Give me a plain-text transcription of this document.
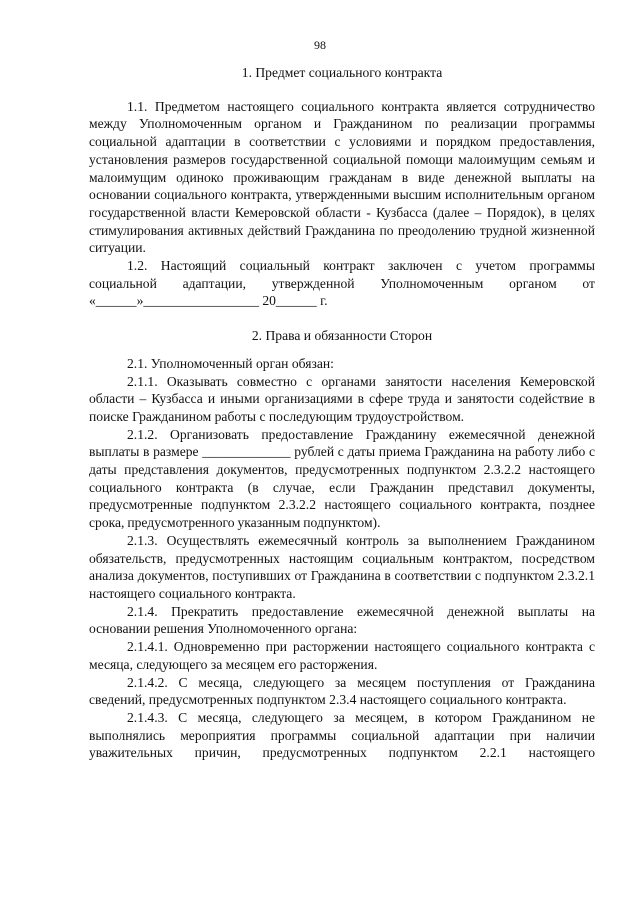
98

1. Предмет социального контракта

1.1. Предметом настоящего социального контракта является сотрудничество между Уполномоченным органом и Гражданином по реализации программы социальной адаптации в соответствии с условиями и порядком предоставления, установления размеров государственной социальной помощи малоимущим семьям и малоимущим одиноко проживающим гражданам в виде денежной выплаты на основании социального контракта, утвержденными высшим исполнительным органом государственной власти Кемеровской области - Кузбасса (далее – Порядок), в целях стимулирования активных действий Гражданина по преодолению трудной жизненной ситуации.

1.2. Настоящий социальный контракт заключен с учетом программы социальной адаптации, утвержденной Уполномоченным органом от «______»_________________ 20______ г.

2. Права и обязанности Сторон

2.1. Уполномоченный орган обязан:

2.1.1. Оказывать совместно с органами занятости населения Кемеровской области – Кузбасса и иными организациями в сфере труда и занятости содействие в поиске Гражданином работы с последующим трудоустройством.

2.1.2. Организовать предоставление Гражданину ежемесячной денежной выплаты в размере _____________ рублей с даты приема Гражданина на работу либо с даты представления документов, предусмотренных подпунктом 2.3.2.2 настоящего социального контракта (в случае, если Гражданин представил документы, предусмотренные подпунктом 2.3.2.2 настоящего социального контракта, позднее срока, предусмотренного указанным подпунктом).

2.1.3. Осуществлять ежемесячный контроль за выполнением Гражданином обязательств, предусмотренных настоящим социальным контрактом, посредством анализа документов, поступивших от Гражданина в соответствии с подпунктом 2.3.2.1 настоящего социального контракта.

2.1.4. Прекратить предоставление ежемесячной денежной выплаты на основании решения Уполномоченного органа:

2.1.4.1. Одновременно при расторжении настоящего социального контракта с месяца, следующего за месяцем его расторжения.

2.1.4.2. С месяца, следующего за месяцем поступления от Гражданина сведений, предусмотренных подпунктом 2.3.4 настоящего социального контракта.

2.1.4.3. С месяца, следующего за месяцем, в котором Гражданином не выполнялись мероприятия программы социальной адаптации при наличии уважительных причин, предусмотренных подпунктом 2.2.1 настоящего
